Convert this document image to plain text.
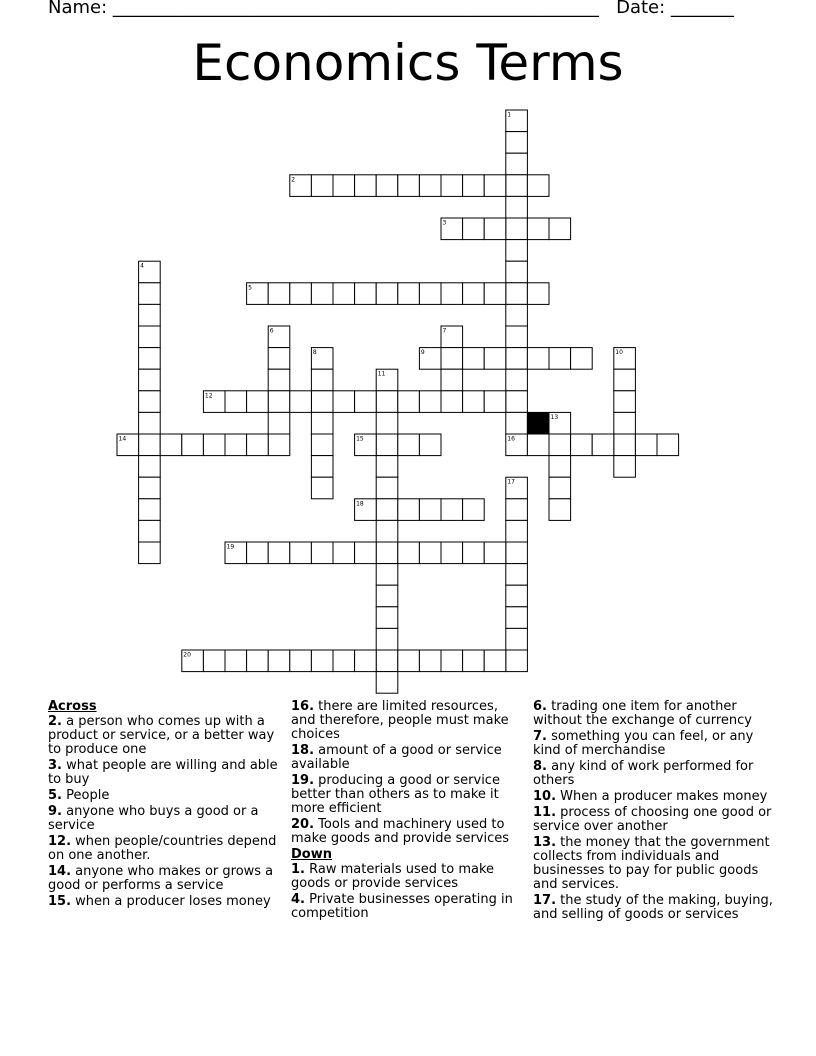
Name: ______________________________________________________ Date: _______
Economics Terms
1
2
3
4
5
6	7
8	9	10
11
12
13
14	15	16
17
18
19
20
Across
2. a person who comes up with a product or service, or a better way to produce one
3. what people are willing and able to buy
5. People
9. anyone who buys a good or a service
12. when people/countries depend on one another.
14. anyone who makes or grows a good or performs a service
15. when a producer loses money
16. there are limited resources, and therefore, people must make choices
18. amount of a good or service available
19. producing a good or service better than others as to make it more efficient
20. Tools and machinery used to make goods and provide services
Down
1. Raw materials used to make goods or provide services
4. Private businesses operating in competition
6. trading one item for another without the exchange of currency
7. something you can feel, or any kind of merchandise
8. any kind of work performed for others
10. When a producer makes money
11. process of choosing one good or service over another
13. the money that the government collects from individuals and businesses to pay for public goods and services.
17. the study of the making, buying, and selling of goods or services
